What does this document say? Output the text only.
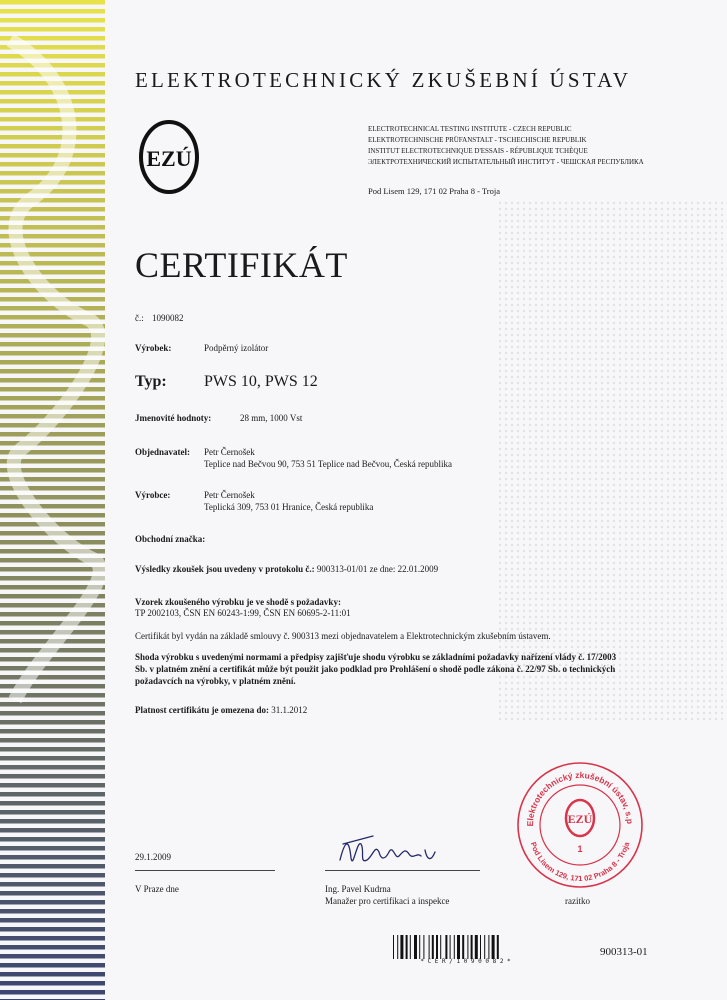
ELEKTROTECHNICKÝ ZKUŠEBNÍ ÚSTAV
EZÚ
ELECTROTECHNICAL TESTING INSTITUTE - CZECH REPUBLIC
ELEKTROTECHNISCHE PRÜFANSTALT - TSCHECHISCHE REPUBLIK
INSTITUT ELECTROTECHNIQUE D'ESSAIS - RÉPUBLIQUE TCHÈQUE
ЭЛЕКТРОТЕХНИЧЕСКИЙ ИСПЫТАТЕЛЬНЫЙ ИНСТИТУТ - ЧЕШСКАЯ РЕСПУБЛИКА
Pod Lisem 129, 171 02 Praha 8 - Troja
CERTIFIKÁT
č.: 1090082
Výrobek:	Podpěrný izolátor
Typ: PWS 10, PWS 12
Jmenovité hodnoty:	28 mm, 1000 Vst
Objednavatel: Petr Černošek
Teplice nad Bečvou 90, 753 51 Teplice nad Bečvou, Česká republika
Výrobce:	Petr Černošek
Teplická 309, 753 01 Hranice, Česká republika
Obchodní značka:
Výsledky zkoušek jsou uvedeny v protokolu č.: 900313-01/01 ze dne: 22.01.2009
Vzorek zkoušeného výrobku je ve shodě s požadavky:
TP 2002103, ČSN EN 60243-1:99, ČSN EN 60695-2-11:01
Certifikát byl vydán na základě smlouvy č. 900313 mezi objednavatelem a Elektrotechnickým zkušebním ústavem.
Shoda výrobku s uvedenými normami a předpisy zajišťuje shodu výrobku se základními požadavky nařízení vlády č. 17/2003
Sb. v platném znění a certifikát může být použit jako podklad pro Prohlášení o shodě podle zákona č. 22/97 Sb. o technických
požadavcích na výrobky, v platném znění.
Platnost certifikátu je omezena do: 31.1.2012
Elektrotechnický zkušební ústav, s.p
Pod Lisem 129, 171 02 Praha 8 - Troja
EZÚ
1
29.1.2009
V Praze dne	Ing. Pavel Kudrna
Manažer pro certifikaci a inspekce	razitko
* C E R / 1 0 9 0 0 8 2 *
900313-01
